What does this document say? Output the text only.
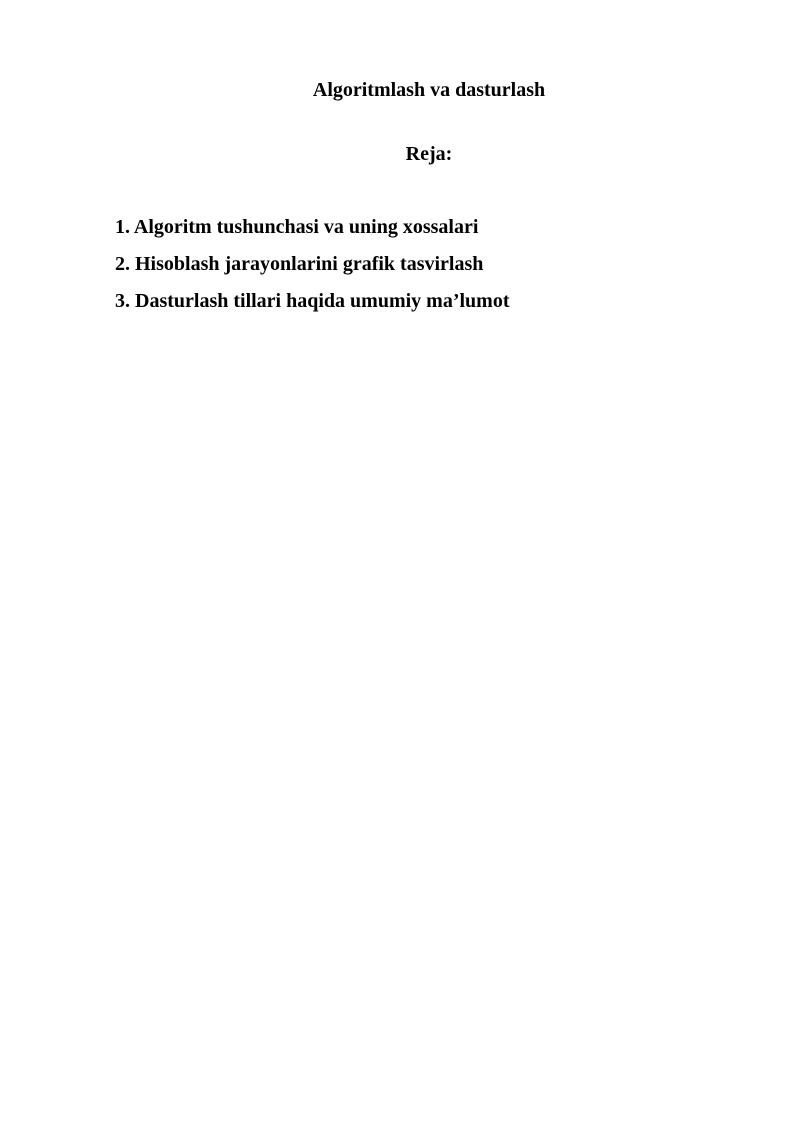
Algoritmlash va dasturlash
Reja:
1. Algoritm tushunchasi va uning xossalari
2. Hisoblash jarayonlarini grafik tasvirlash
3. Dasturlash tillari haqida umumiy ma’lumot
